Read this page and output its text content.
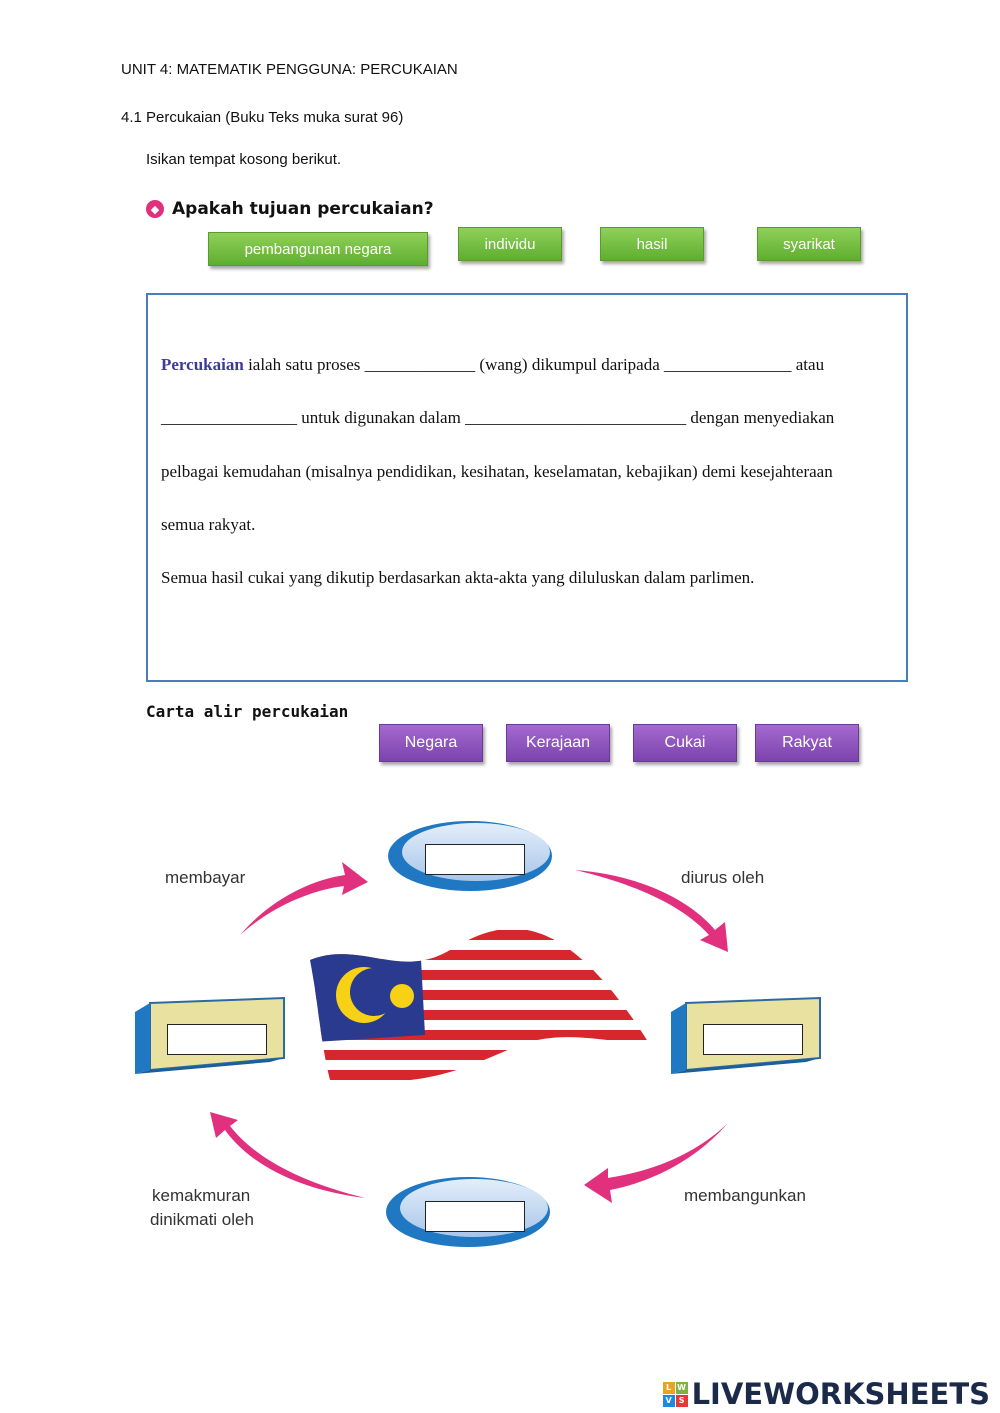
UNIT 4: MATEMATIK PENGGUNA: PERCUKAIAN
4.1 Percukaian (Buku Teks muka surat 96)
Isikan tempat kosong berikut.
◆ Apakah tujuan percukaian?
pembangunan negara	individu	hasil	syarikat
Percukaian ialah satu proses _____________ (wang) dikumpul daripada _______________ atau
________________ untuk digunakan dalam __________________________ dengan menyediakan
pelbagai kemudahan (misalnya pendidikan, kesihatan, keselamatan, kebajikan) demi kesejahteraan
semua rakyat.
Semua hasil cukai yang dikutip berdasarkan akta-akta yang diluluskan dalam parlimen.
Carta alir percukaian
Negara	Kerajaan	Cukai	Rakyat
membayar	diurus oleh
membangunkan
kemakmuran
dinikmati oleh
L W
V S LIVEWORKSHEETS
